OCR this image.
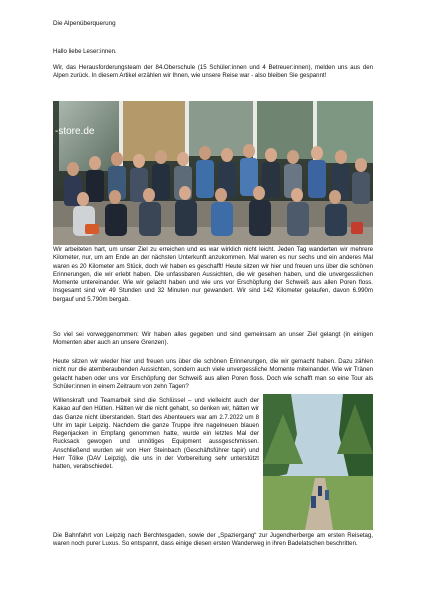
Die Alpenüberquerung

Hallo liebe Leser:innen.

Wir, das Herausforderungsteam der 84.Oberschule (15 Schüler:innen und 4 Betreuer:innen), melden uns aus den Alpen zurück. In diesem Artikel erzählen wir Ihnen, wie unsere Reise war - also bleiben Sie gespannt!

-store.de

Wir arbeiteten hart, um unser Ziel zu erreichen und es war wirklich nicht leicht. Jeden Tag wanderten wir mehrere Kilometer, nur, um am Ende an der nächsten Unterkunft anzukommen. Mal waren es nur sechs und ein anderes Mal waren es 20 Kilometer am Stück, doch wir haben es geschafft! Heute sitzen wir hier und freuen uns über die schönen Erinnerungen, die wir erlebt haben. Die unfassbaren Aussichten, die wir gesehen haben, und die unvergesslichen Momente untereinander. Wie wir gelacht haben und wie uns vor Erschöpfung der Schweiß aus allen Poren floss. Insgesamt sind wir 49 Stunden und 32 Minuten nur gewandert. Wir sind 142 Kilometer gelaufen, davon 6.990m bergauf und 5.790m bergab.

So viel sei vorweggenommen: Wir haben alles gegeben und sind gemeinsam an unser Ziel gelangt (in einigen Momenten aber auch an unsere Grenzen).

Heute sitzen wir wieder hier und freuen uns über die schönen Erinnerungen, die wir gemacht haben. Dazu zählen nicht nur die atemberaubenden Aussichten, sondern auch viele unvergessliche Momente miteinander. Wie wir Tränen gelacht haben oder uns vor Erschöpfung der Schweiß aus allen Poren floss. Doch wie schafft man so eine Tour als Schüler:innen in einem Zeitraum von zehn Tagen?

Willenskraft und Teamarbeit sind die Schlüssel – und vielleicht auch der Kakao auf den Hütten. Hätten wir die nicht gehabt, so denken wir, hätten wir das Ganze nicht überstanden. Start des Abenteuers war am 2.7.2022 um 8 Uhr im tapir Leipzig. Nachdem die ganze Truppe ihre nagelneuen blauen Regenjacken in Empfang genommen hatte, wurde ein letztes Mal der Rucksack gewogen und unnötiges Equipment aussgeschmissen. Anschließend wurden wir von Herr Steinbach (Geschäftsführer tapir) und Herr Tölke (DAV Leipzig), die uns in der Vorbereitung sehr unterstützt hatten, verabschiedet.

Die Bahnfahrt von Leipzig nach Berchtesgaden, sowie der „Spaziergang“ zur Jugendherberge am ersten Reisetag, waren noch purer Luxus. So entspannt, dass einige diesen ersten Wanderweg in ihren Badelatschen beschritten.
